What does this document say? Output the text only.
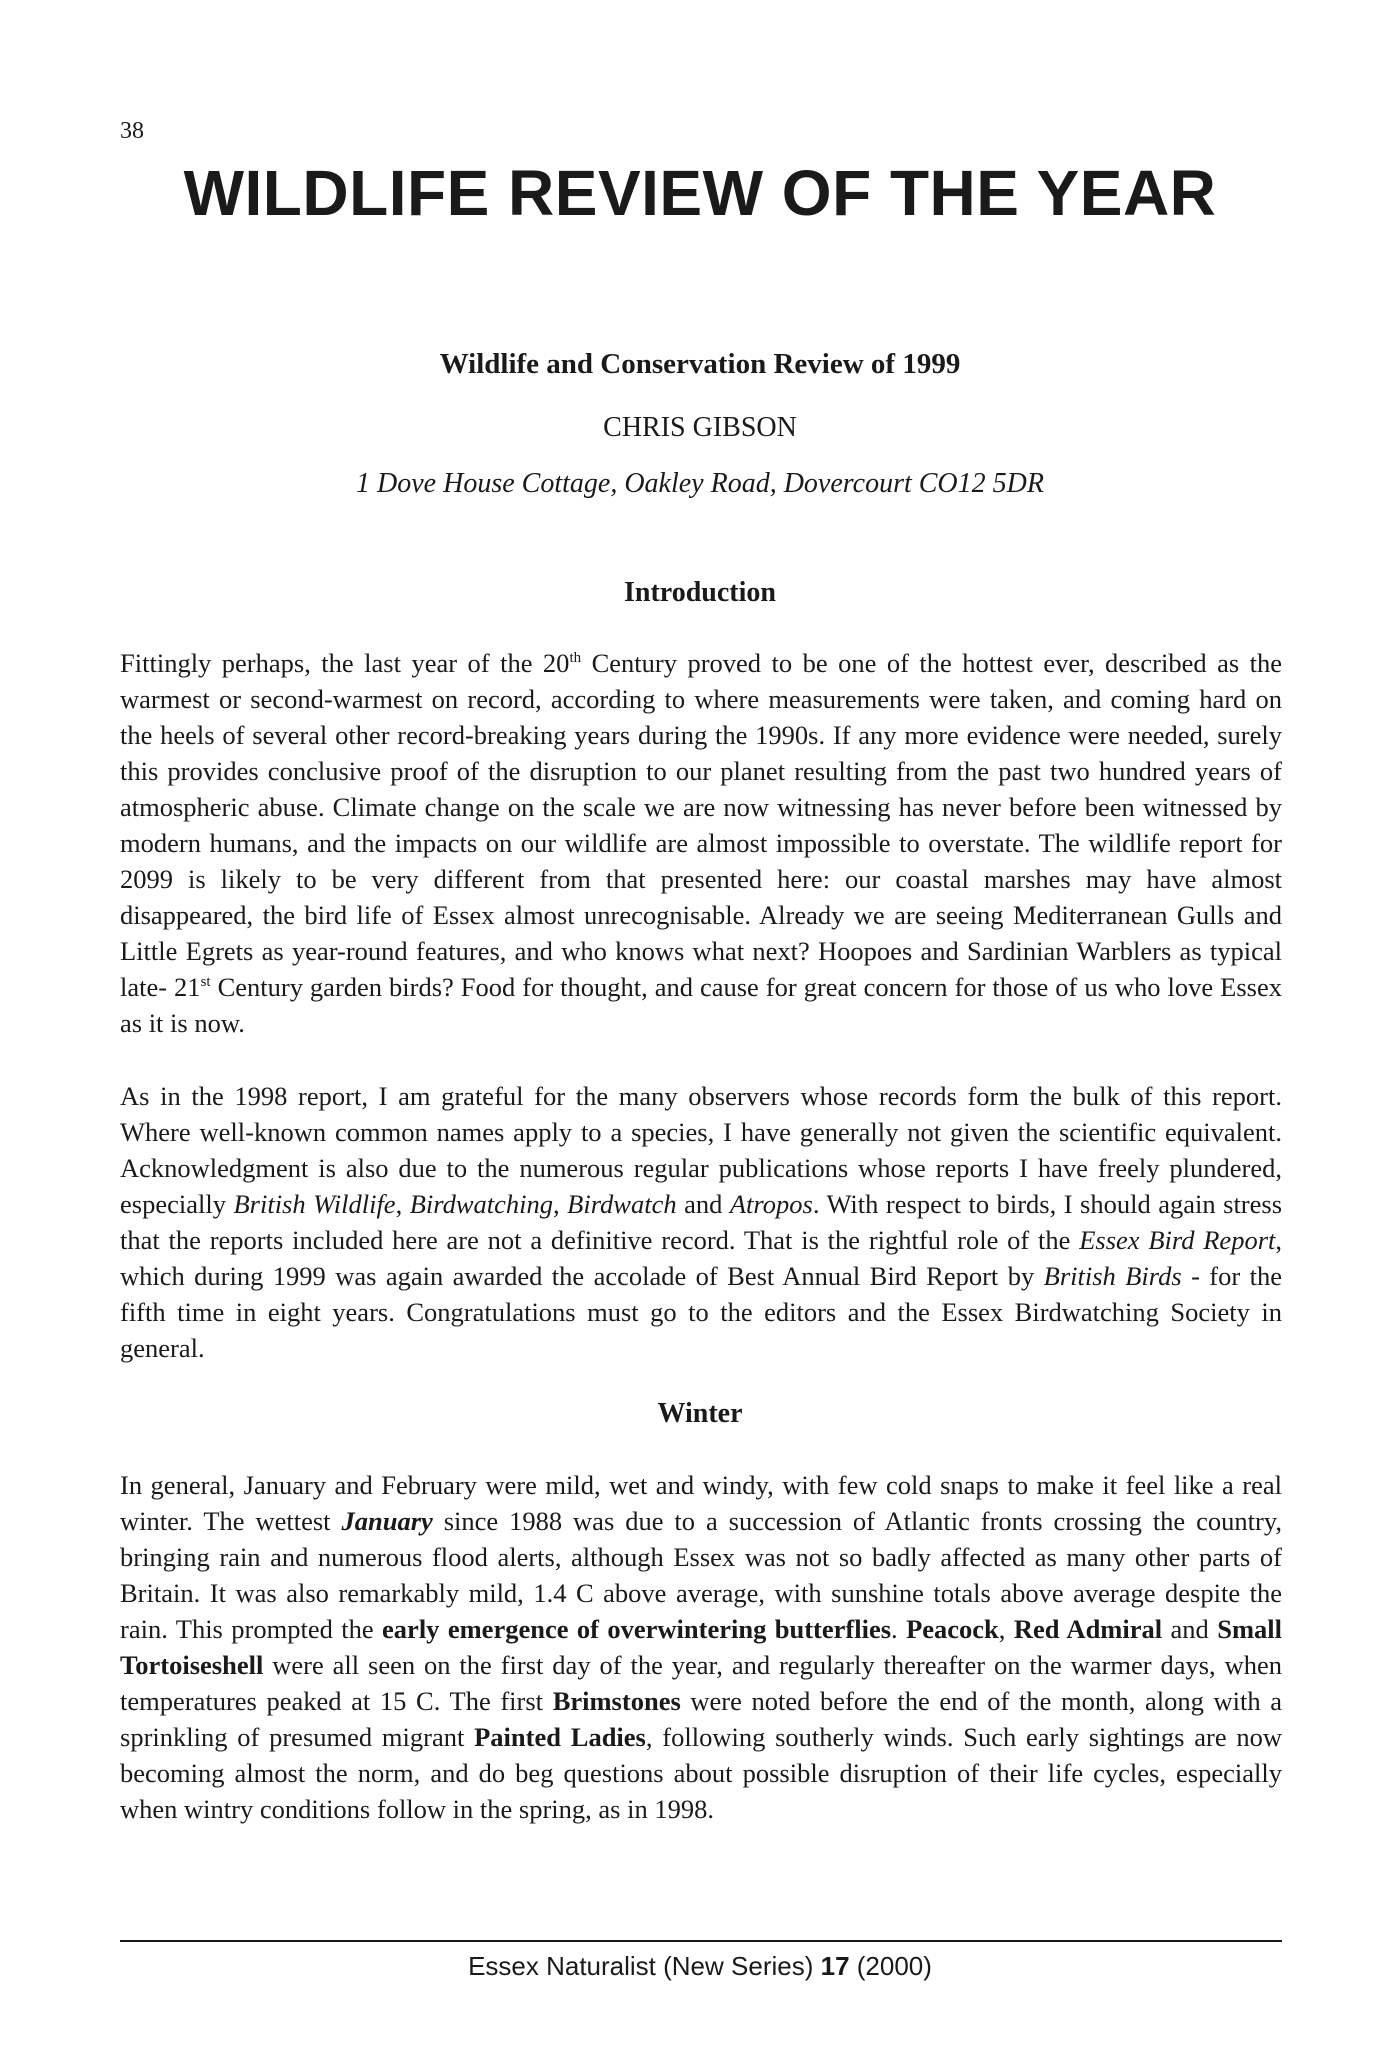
38
WILDLIFE REVIEW OF THE YEAR
Wildlife and Conservation Review of 1999
CHRIS GIBSON
1 Dove House Cottage, Oakley Road, Dovercourt CO12 5DR
Introduction

Fittingly perhaps, the last year of the 20th Century proved to be one of the hottest ever, described as the warmest or second-warmest on record, according to where measurements were taken, and coming hard on the heels of several other record-breaking years during the 1990s. If any more evidence were needed, surely this provides conclusive proof of the disruption to our planet resulting from the past two hundred years of atmospheric abuse. Climate change on the scale we are now witnessing has never before been witnessed by modern humans, and the impacts on our wildlife are almost impossible to overstate. The wildlife report for 2099 is likely to be very different from that presented here: our coastal marshes may have almost disappeared, the bird life of Essex almost unrecognisable. Already we are seeing Mediterranean Gulls and Little Egrets as year-round features, and who knows what next? Hoopoes and Sardinian Warblers as typical late- 21st Century garden birds? Food for thought, and cause for great concern for those of us who love Essex as it is now.

As in the 1998 report, I am grateful for the many observers whose records form the bulk of this report. Where well-known common names apply to a species, I have generally not given the scientific equivalent. Acknowledgment is also due to the numerous regular publications whose reports I have freely plundered, especially British Wildlife, Birdwatching, Birdwatch and Atropos. With respect to birds, I should again stress that the reports included here are not a definitive record. That is the rightful role of the Essex Bird Report, which during 1999 was again awarded the accolade of Best Annual Bird Report by British Birds - for the fifth time in eight years. Congratulations must go to the editors and the Essex Birdwatching Society in general.

Winter

In general, January and February were mild, wet and windy, with few cold snaps to make it feel like a real winter. The wettest January since 1988 was due to a succession of Atlantic fronts crossing the country, bringing rain and numerous flood alerts, although Essex was not so badly affected as many other parts of Britain. It was also remarkably mild, 1.4 C above average, with sunshine totals above average despite the rain. This prompted the early emergence of overwintering butterflies. Peacock, Red Admiral and Small Tortoiseshell were all seen on the first day of the year, and regularly thereafter on the warmer days, when temperatures peaked at 15 C. The first Brimstones were noted before the end of the month, along with a sprinkling of presumed migrant Painted Ladies, following southerly winds. Such early sightings are now becoming almost the norm, and do beg questions about possible disruption of their life cycles, especially when wintry conditions follow in the spring, as in 1998.

Essex Naturalist (New Series) 17 (2000)
